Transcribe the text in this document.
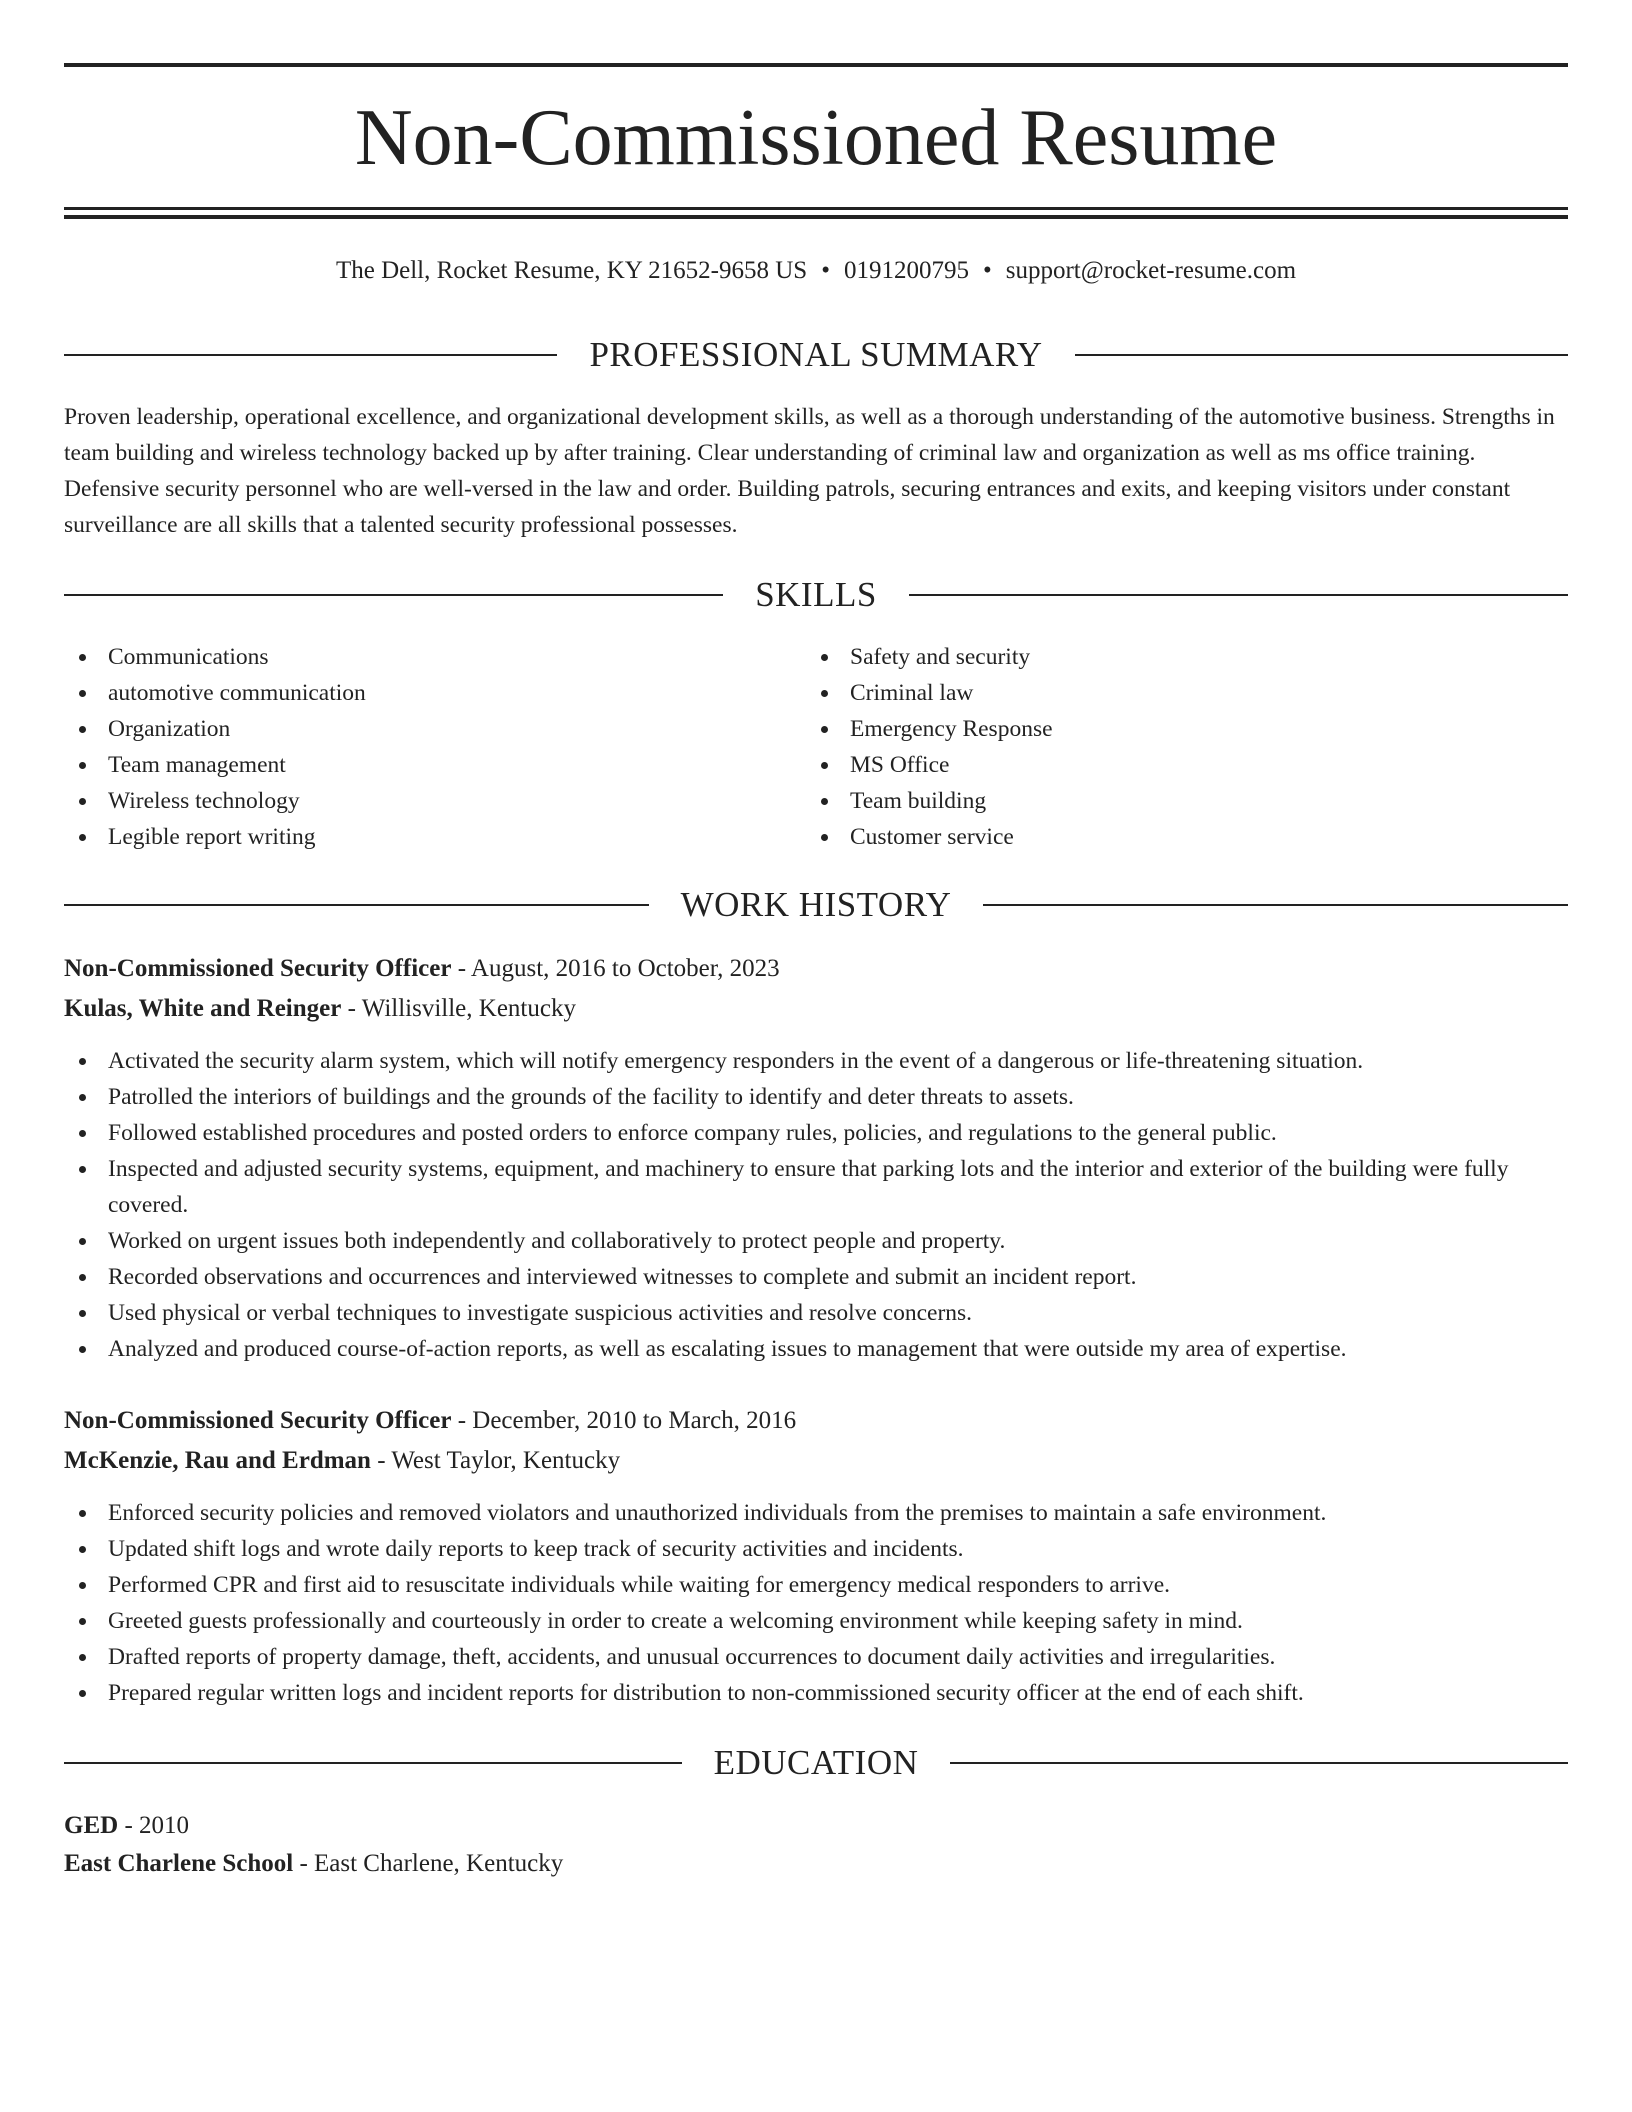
Non-Commissioned Resume
The Dell, Rocket Resume, KY 21652-9658 US • 0191200795 • support@rocket-resume.com
PROFESSIONAL SUMMARY

Proven leadership, operational excellence, and organizational development skills, as well as a thorough understanding of the automotive business. Strengths in team building and wireless technology backed up by after training. Clear understanding of criminal law and organization as well as ms office training. Defensive security personnel who are well-versed in the law and order. Building patrols, securing entrances and exits, and keeping visitors under constant surveillance are all skills that a talented security professional possesses.

SKILLS
Communications
automotive communication
Organization
Team management
Wireless technology
Legible report writing
Safety and security
Criminal law
Emergency Response
MS Office
Team building
Customer service
WORK HISTORY
Non-Commissioned Security Officer - August, 2016 to October, 2023
Kulas, White and Reinger - Willisville, Kentucky
Activated the security alarm system, which will notify emergency responders in the event of a dangerous or life-threatening situation.
Patrolled the interiors of buildings and the grounds of the facility to identify and deter threats to assets.
Followed established procedures and posted orders to enforce company rules, policies, and regulations to the general public.
Inspected and adjusted security systems, equipment, and machinery to ensure that parking lots and the interior and exterior of the building were fully covered.
Worked on urgent issues both independently and collaboratively to protect people and property.
Recorded observations and occurrences and interviewed witnesses to complete and submit an incident report.
Used physical or verbal techniques to investigate suspicious activities and resolve concerns.
Analyzed and produced course-of-action reports, as well as escalating issues to management that were outside my area of expertise.
Non-Commissioned Security Officer - December, 2010 to March, 2016
McKenzie, Rau and Erdman - West Taylor, Kentucky
Enforced security policies and removed violators and unauthorized individuals from the premises to maintain a safe environment.
Updated shift logs and wrote daily reports to keep track of security activities and incidents.
Performed CPR and first aid to resuscitate individuals while waiting for emergency medical responders to arrive.
Greeted guests professionally and courteously in order to create a welcoming environment while keeping safety in mind.
Drafted reports of property damage, theft, accidents, and unusual occurrences to document daily activities and irregularities.
Prepared regular written logs and incident reports for distribution to non-commissioned security officer at the end of each shift.
EDUCATION
GED - 2010
East Charlene School - East Charlene, Kentucky
